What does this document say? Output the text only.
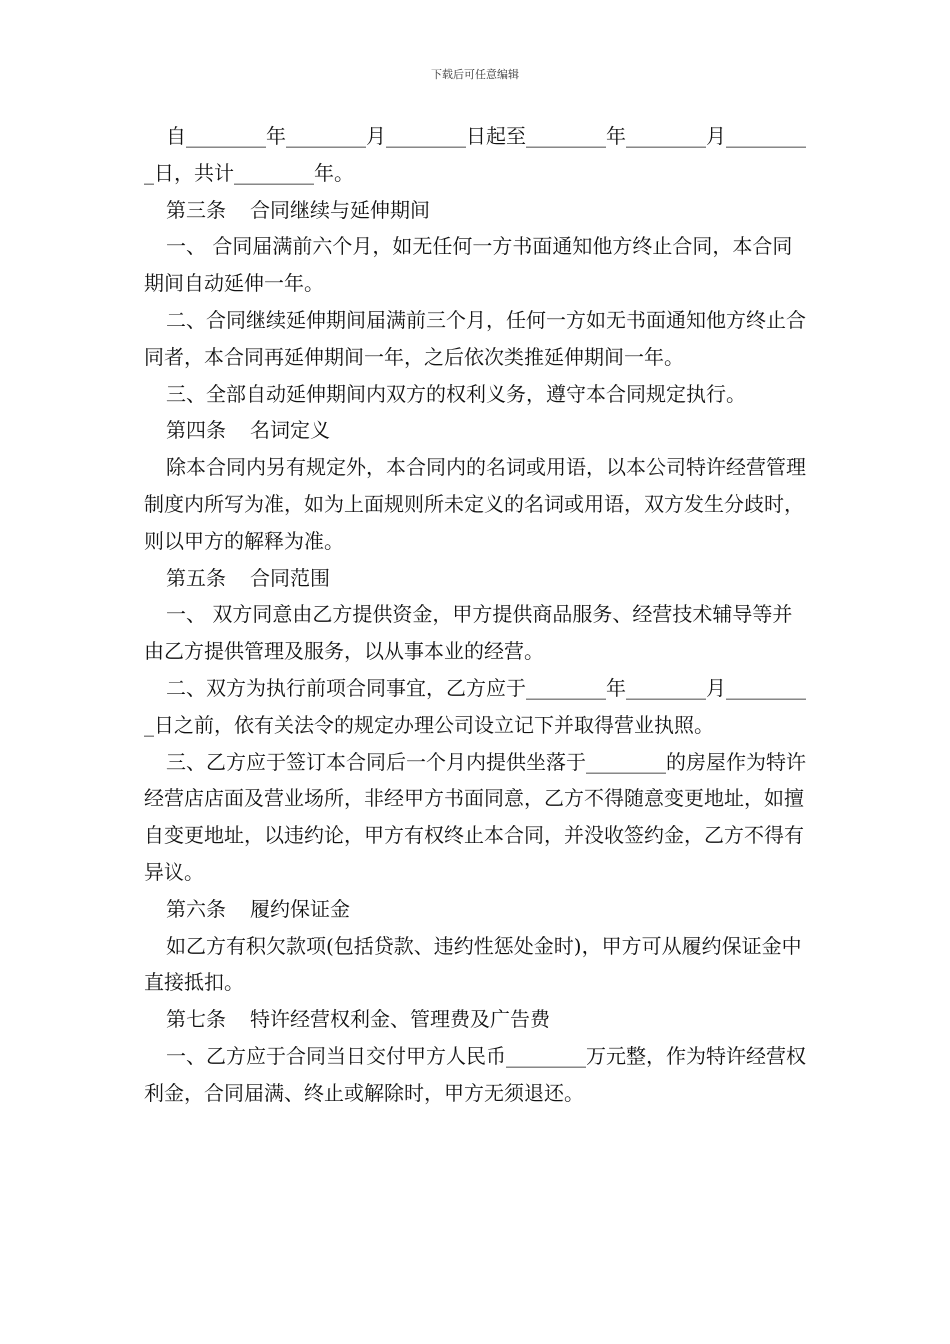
下载后可任意编辑

自________年________月________日起至________年________月_________日，共计________年。

第三条 合同继续与延伸期间

一、 合同届满前六个月，如无任何一方书面通知他方终止合同，本合同期间自动延伸一年。

二、合同继续延伸期间届满前三个月，任何一方如无书面通知他方终止合同者，本合同再延伸期间一年，之后依次类推延伸期间一年。

三、全部自动延伸期间内双方的权利义务，遵守本合同规定执行。

第四条 名词定义

除本合同内另有规定外，本合同内的名词或用语，以本公司特许经营管理制度内所写为准，如为上面规则所未定义的名词或用语，双方发生分歧时，则以甲方的解释为准。

第五条 合同范围

一、 双方同意由乙方提供资金，甲方提供商品服务、经营技术辅导等并由乙方提供管理及服务，以从事本业的经营。

二、双方为执行前项合同事宜，乙方应于________年________月_________日之前，依有关法令的规定办理公司设立记下并取得营业执照。

三、乙方应于签订本合同后一个月内提供坐落于________的房屋作为特许经营店店面及营业场所，非经甲方书面同意，乙方不得随意变更地址，如擅自变更地址，以违约论，甲方有权终止本合同，并没收签约金，乙方不得有异议。

第六条 履约保证金

如乙方有积欠款项(包括贷款、违约性惩处金时)，甲方可从履约保证金中直接抵扣。

第七条 特许经营权利金、管理费及广告费

一、乙方应于合同当日交付甲方人民币________万元整，作为特许经营权利金，合同届满、终止或解除时，甲方无须退还。
